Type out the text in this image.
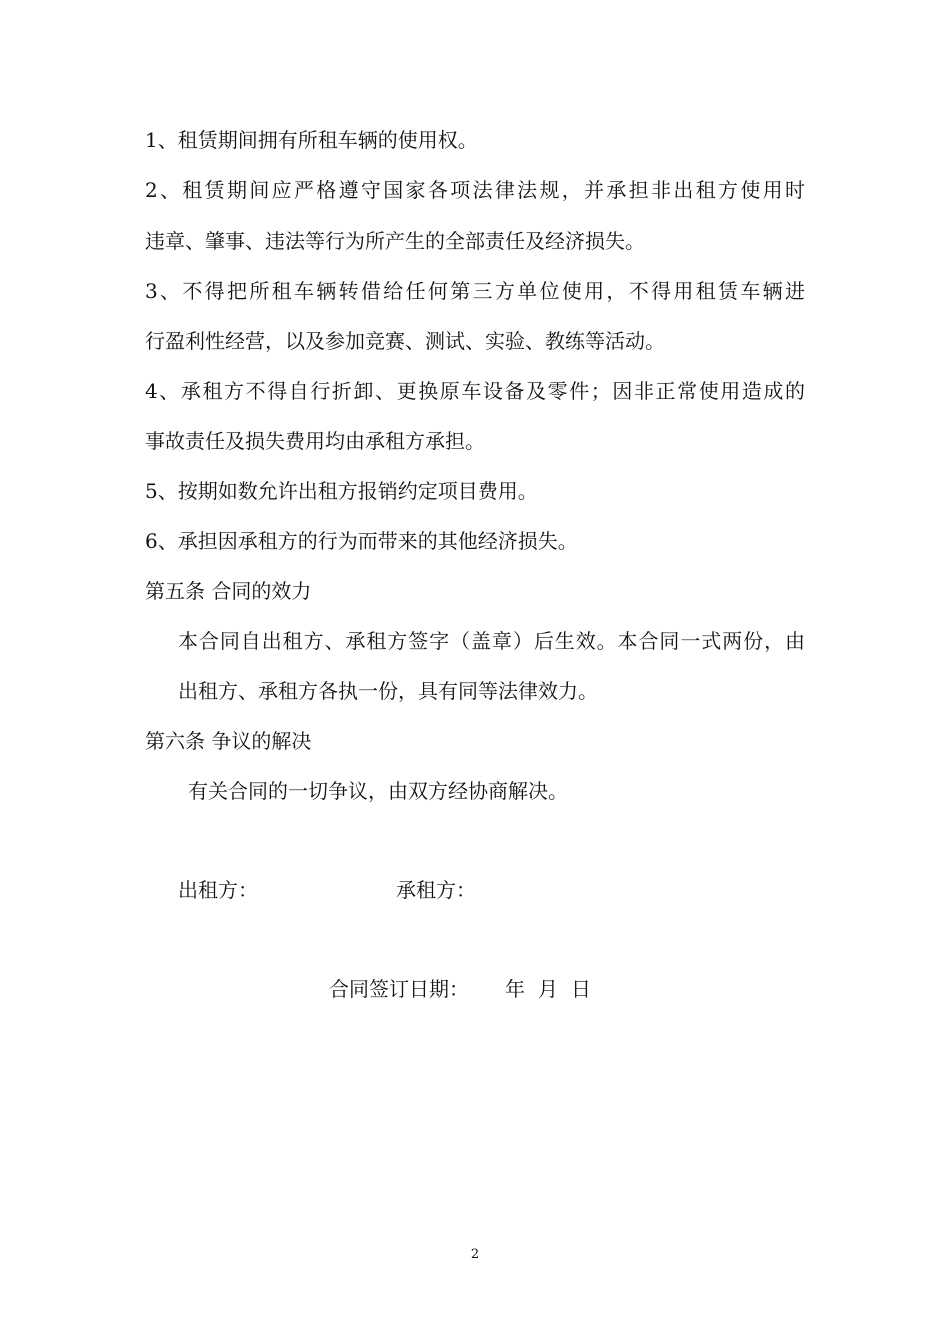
1、租赁期间拥有所租车辆的使用权。
2、租赁期间应严格遵守国家各项法律法规，并承担非出租方使用时
违章、肇事、违法等行为所产生的全部责任及经济损失。
3、不得把所租车辆转借给任何第三方单位使用，不得用租赁车辆进
行盈利性经营，以及参加竞赛、测试、实验、教练等活动。
4、承租方不得自行折卸、更换原车设备及零件；因非正常使用造成的
事故责任及损失费用均由承租方承担。
5、按期如数允许出租方报销约定项目费用。
6、承担因承租方的行为而带来的其他经济损失。
第五条 合同的效力
本合同自出租方、承租方签字（盖章）后生效。本合同一式两份，由
出租方、承租方各执一份，具有同等法律效力。
第六条 争议的解决
有关合同的一切争议，由双方经协商解决。
出租方：	承租方：
合同签订日期： 年 月 日
2
